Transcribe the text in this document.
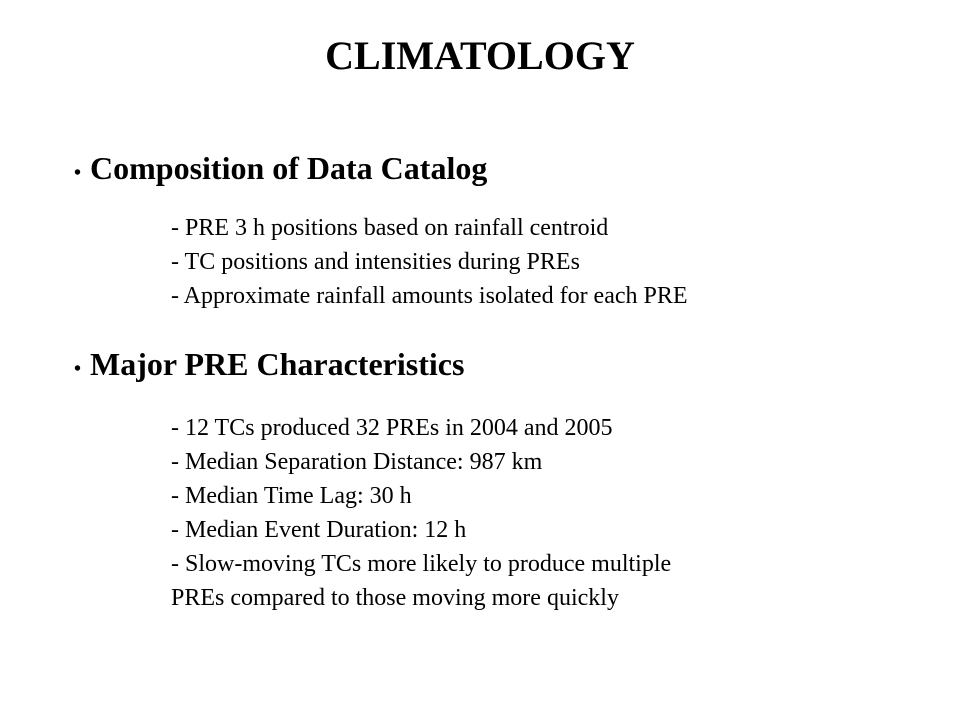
CLIMATOLOGY
• Composition of Data Catalog
- PRE 3 h positions based on rainfall centroid
- TC positions and intensities during PREs
- Approximate rainfall amounts isolated for each PRE
• Major PRE Characteristics
- 12 TCs produced 32 PREs in 2004 and 2005
- Median Separation Distance: 987 km
- Median Time Lag: 30 h
- Median Event Duration: 12 h
- Slow-moving TCs more likely to produce multiple
PREs compared to those moving more quickly
